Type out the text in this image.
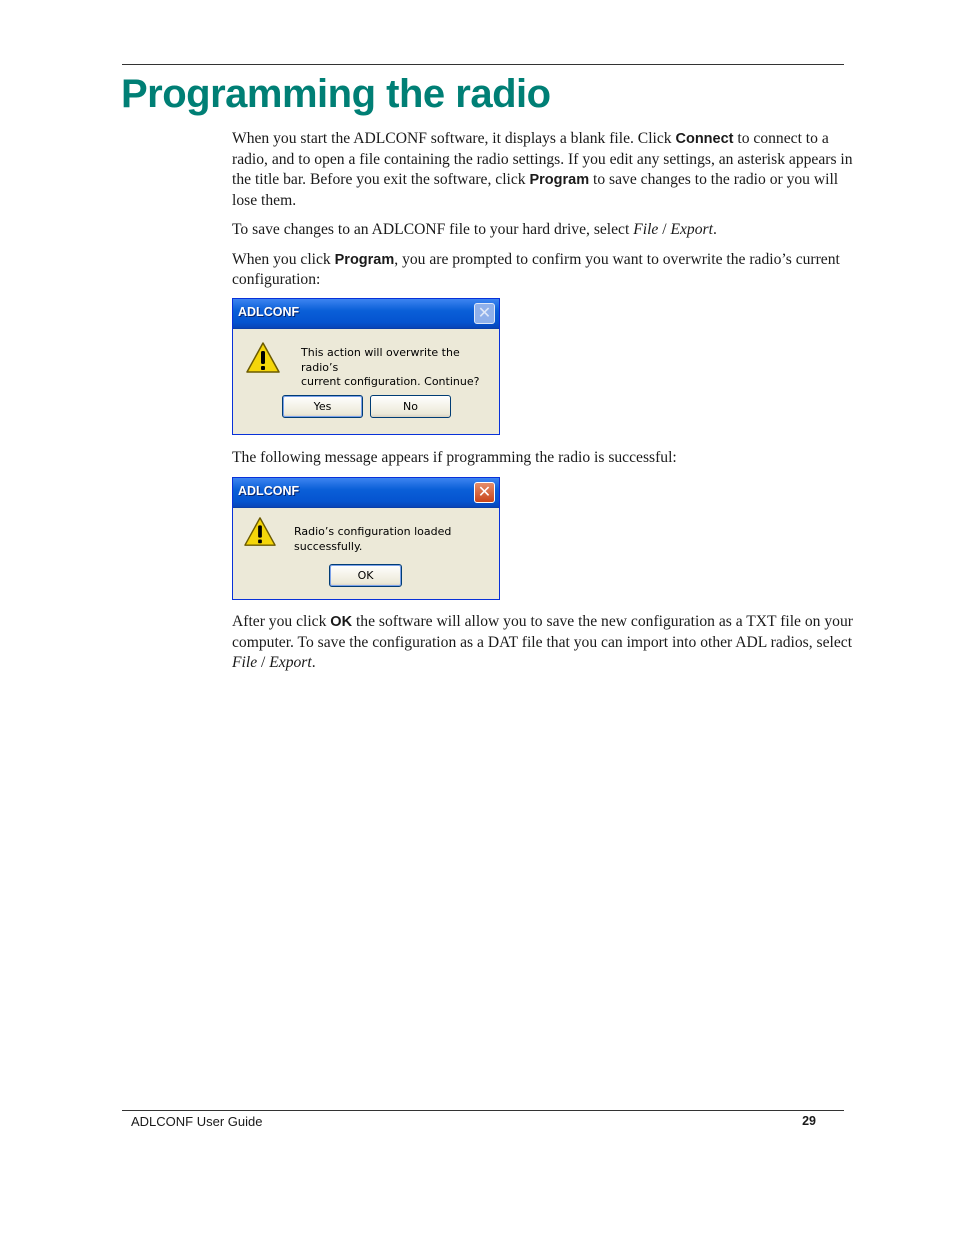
Programming the radio

When you start the ADLCONF software, it displays a blank file. Click Connect to connect to a radio, and to open a file containing the radio settings. If you edit any settings, an asterisk appears in the title bar. Before you exit the software, click Program to save changes to the radio or you will lose them.

To save changes to an ADLCONF file to your hard drive, select File / Export.

When you click Program, you are prompted to confirm you want to overwrite the radio’s current configuration:

ADLCONF	✕
This action will overwrite the radio’s
current configuration. Continue?
Yes	No

The following message appears if programming the radio is successful:

ADLCONF	✕
Radio’s configuration loaded successfully.
OK

After you click OK the software will allow you to save the new configuration as a TXT file on your computer. To save the configuration as a DAT file that you can import into other ADL radios, select File / Export.

ADLCONF User Guide	29
